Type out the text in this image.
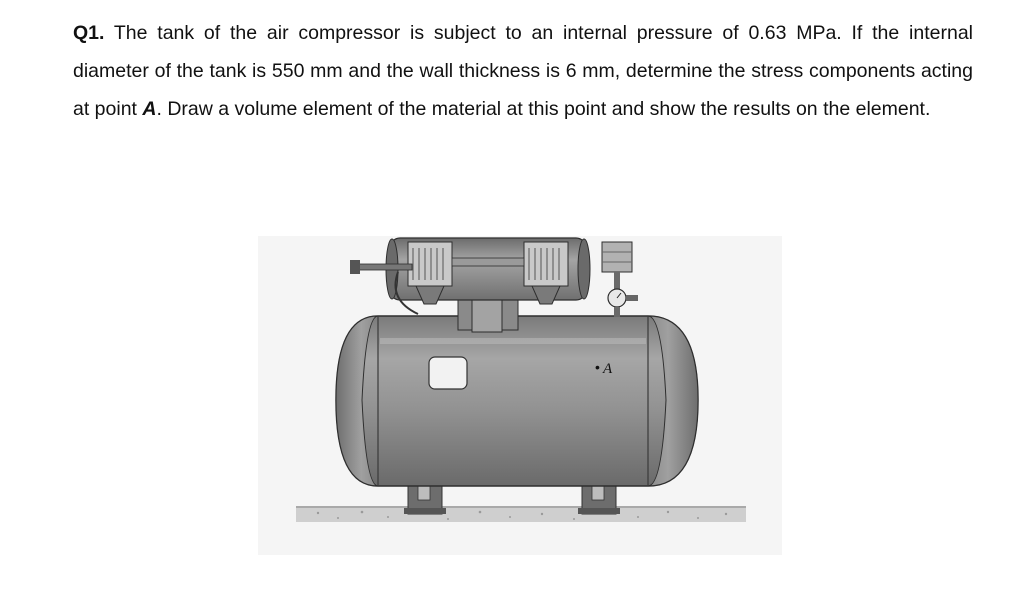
Q1. The tank of the air compressor is subject to an internal pressure of 0.63 MPa. If the internal diameter of the tank is 550 mm and the wall thickness is 6 mm, determine the stress components acting at point A. Draw a volume element of the material at this point and show the results on the element.
• A
